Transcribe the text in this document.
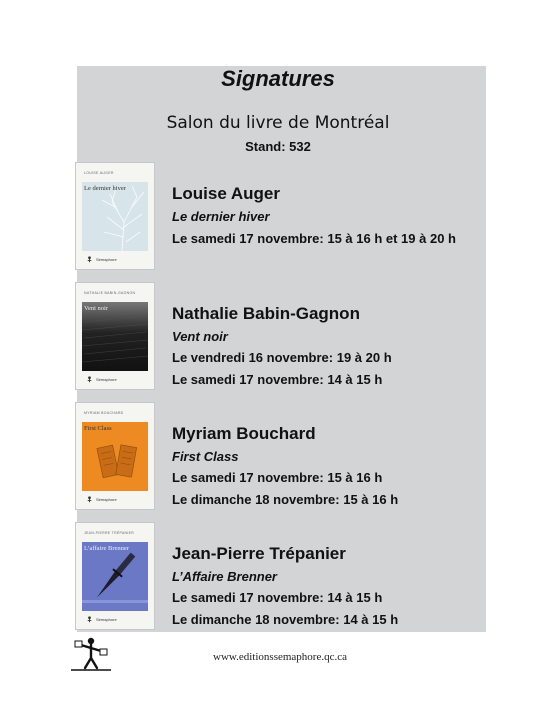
Signatures
Salon du livre de Montréal
Stand: 532
LOUISE AUGER
Le dernier hiver
Sémaphore
Louise Auger
Le dernier hiver
Le samedi 17 novembre: 15 à 16 h et 19 à 20 h
NATHALIE BABIN-GAGNON
Vent noir
Sémaphore
Nathalie Babin-Gagnon
Vent noir
Le vendredi 16 novembre: 19 à 20 h
Le samedi 17 novembre: 14 à 15 h
MYRIAM BOUCHARD
First Class
Sémaphore
Myriam Bouchard
First Class
Le samedi 17 novembre: 15 à 16 h
Le dimanche 18 novembre: 15 à 16 h
JEAN-PIERRE TRÉPANIER
L’affaire Brenner
Sémaphore
Jean-Pierre Trépanier
L’Affaire Brenner
Le samedi 17 novembre: 14 à 15 h
Le dimanche 18 novembre: 14 à 15 h
www.editionssemaphore.qc.ca
